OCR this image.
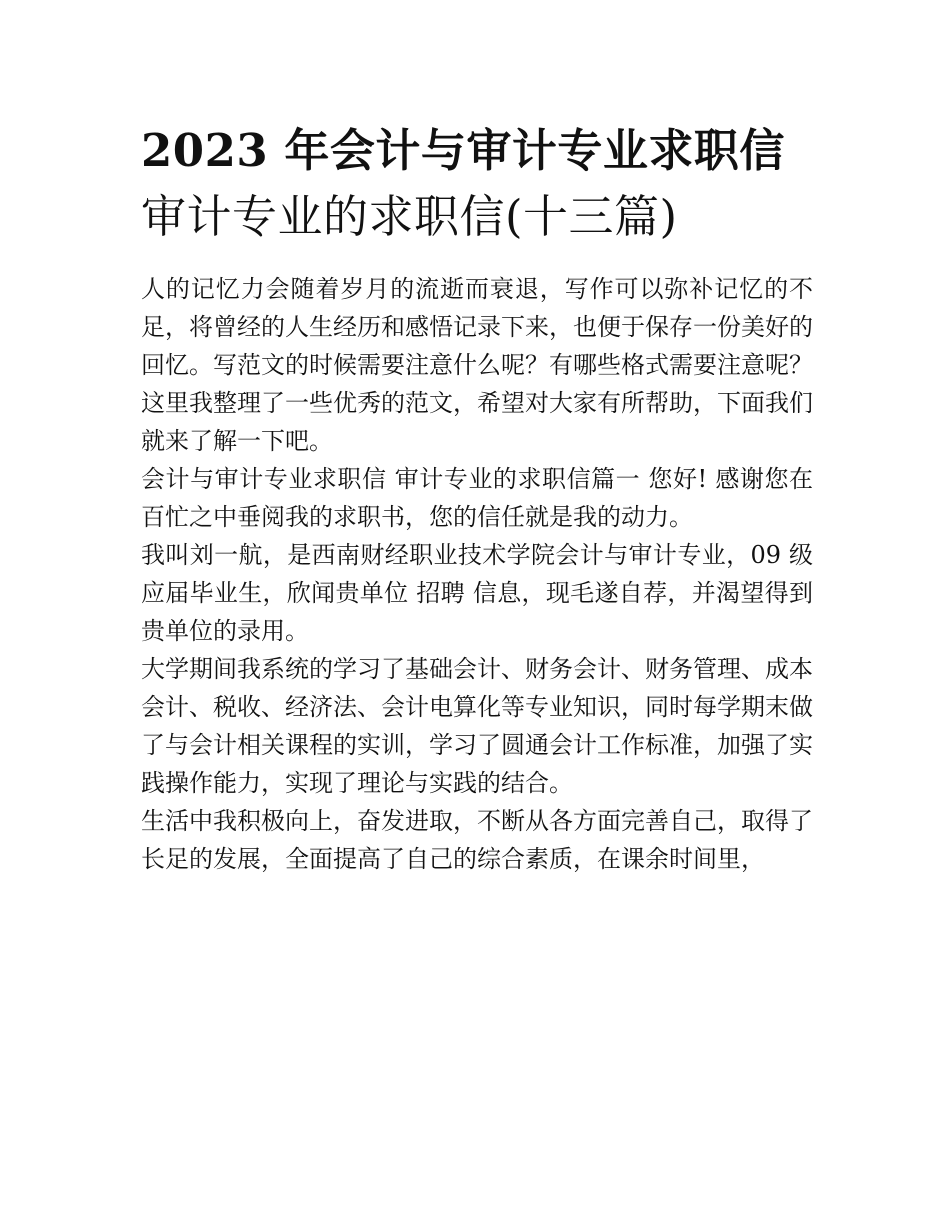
2023 年会计与审计专业求职信
审计专业的求职信(十三篇)

人的记忆力会随着岁月的流逝而衰退，写作可以弥补记忆的不足，将曾经的人生经历和感悟记录下来，也便于保存一份美好的回忆。写范文的时候需要注意什么呢？有哪些格式需要注意呢？这里我整理了一些优秀的范文，希望对大家有所帮助，下面我们就来了解一下吧。

会计与审计专业求职信 审计专业的求职信篇一 您好! 感谢您在百忙之中垂阅我的求职书，您的信任就是我的动力。

我叫刘一航，是西南财经职业技术学院会计与审计专业，09 级应届毕业生，欣闻贵单位 招聘 信息，现毛遂自荐，并渴望得到贵单位的录用。

大学期间我系统的学习了基础会计、财务会计、财务管理、成本会计、税收、经济法、会计电算化等专业知识，同时每学期末做了与会计相关课程的实训，学习了圆通会计工作标准，加强了实践操作能力，实现了理论与实践的结合。

生活中我积极向上，奋发进取，不断从各方面完善自己，取得了长足的发展，全面提高了自己的综合素质，在课余时间里，
